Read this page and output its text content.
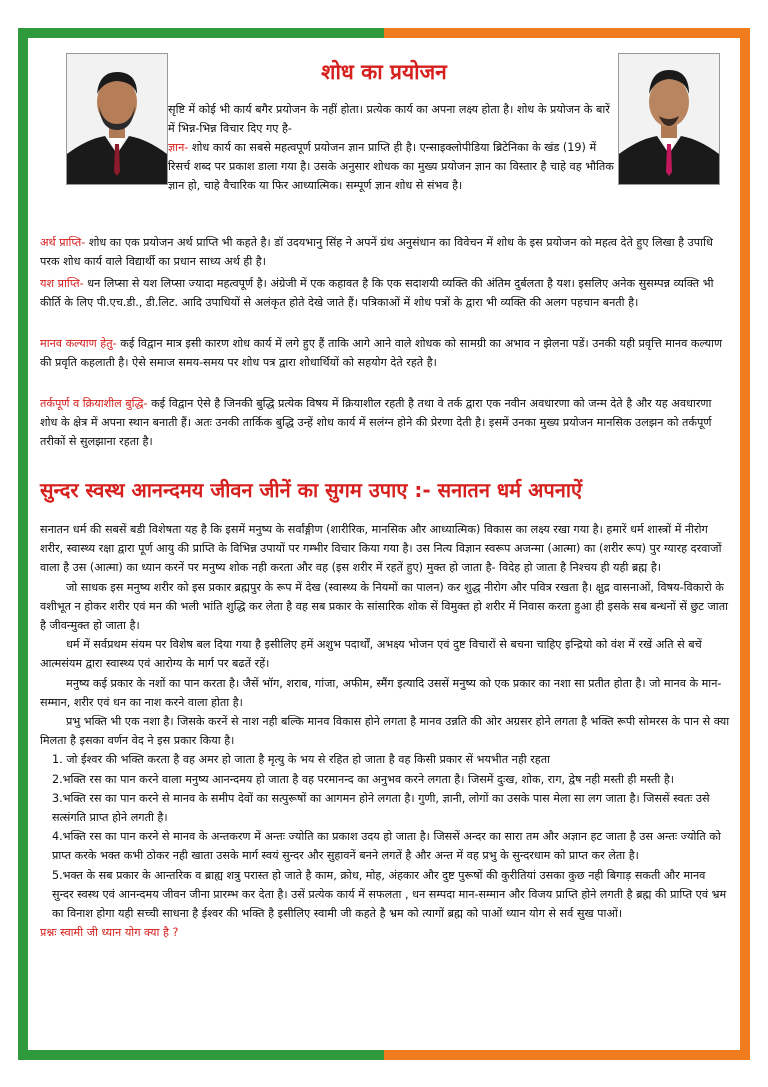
शोध का प्रयोजन
सृष्टि में कोई भी कार्य बगैर प्रयोजन के नहीं होता। प्रत्येक कार्य का अपना लक्ष्य होता है। शोध के प्रयोजन के बारें में भिन्न-भिन्न विचार दिए गए है-
ज्ञान- शोध कार्य का सबसे महत्वपूर्ण प्रयोजन ज्ञान प्राप्ति ही है। एन्साइक्लोपीडिया ब्रिटेनिका के खंड (19) में रिसर्च शब्द पर प्रकाश डाला गया है। उसके अनुसार शोधक का मुख्य प्रयोजन ज्ञान का विस्तार है चाहे वह भौतिक ज्ञान हो, चाहे वैचारिक या फिर आध्यात्मिक। सम्पूर्ण ज्ञान शोध से संभव है।
अर्थ प्राप्ति- शोध का एक प्रयोजन अर्थ प्राप्ति भी कहते है। डॉ उदयभानु सिंह ने अपनें ग्रंथ अनुसंधान का विवेचन में शोध के इस प्रयोजन को महत्व देते हुए लिखा है उपाधि परक शोध कार्य वाले विद्यार्थी का प्रधान साध्य अर्थ ही है।
यश प्राप्ति- धन लिप्सा से यश लिप्सा ज्यादा महत्वपूर्ण है। अंग्रेजी में एक कहावत है कि एक सदाशयी व्यक्ति की अंतिम दुर्बलता है यश। इसलिए अनेक सुसम्पन्न व्यक्ति भी कीर्ति के लिए पी.एच.डी., डी.लिट. आदि उपाधियों से अलंकृत होते देखे जाते हैं। पत्रिकाओं में शोध पत्रों के द्वारा भी व्यक्ति की अलग पहचान बनती है।
मानव कल्याण हेतु- कई विद्वान मात्र इसी कारण शोध कार्य में लगे हुए हैं ताकि आगे आने वाले शोधक को सामग्री का अभाव न झेलना पडें। उनकी यही प्रवृत्ति मानव कल्याण की प्रवृति कहलाती है। ऐसे समाज समय-समय पर शोध पत्र द्वारा शोधार्थियों को सहयोग देते रहते है।
तर्कपूर्ण व क्रियाशील बुद्धि- कई विद्वान ऐसे है जिनकी बुद्धि प्रत्येक विषय में क्रियाशील रहती है तथा वे तर्क द्वारा एक नवीन अवधारणा को जन्म देते है और यह अवधारणा शोध के क्षेत्र में अपना स्थान बनाती हैं। अतः उनकी तार्किक बुद्धि उन्हें शोध कार्य में सलंग्न होने की प्रेरणा देती है। इसमें उनका मुख्य प्रयोजन मानसिक उलझन को तर्कपूर्ण तरीकों से सुलझाना रहता है।
सुन्दर स्वस्थ आनन्दमय जीवन जीनें का सुगम उपाए :- सनातन धर्म अपनाऐं

सनातन धर्म की सबसें बडी विशेषता यह है कि इसमें मनुष्य के सर्वांङ्गीण (शारीरिक, मानसिक और आध्यात्मिक) विकास का लक्ष्य रखा गया है। हमारें धर्म शास्त्रों में नीरोग शरीर, स्वास्थ्य रक्षा द्वारा पूर्ण आयु की प्राप्ति के विभिन्न उपायों पर गम्भीर विचार किया गया है। उस नित्य विज्ञान स्वरूप अजन्मा (आत्मा) का (शरीर रूप) पुर ग्यारह दरवाजों वाला है उस (आत्मा) का ध्यान करनें पर मनुष्य शोक नही करता और वह (इस शरीर में रहतें हुए) मुक्त हो जाता है- विदेह हो जाता है निश्चय ही यही ब्रह्म है।

जो साधक इस मनुष्य शरीर को इस प्रकार ब्रह्मपुर के रूप में देख (स्वास्थ्य के नियमों का पालन) कर शुद्ध नीरोग और पवित्र रखता है। क्षुद्र वासनाओं, विषय-विकारो के वशीभूत न होकर शरीर एवं मन की भली भांति शुद्धि कर लेता है वह सब प्रकार के सांसारिक शोक सें विमुक्त हो शरीर में निवास करता हुआ ही इसके सब बन्धनों सें छुट जाता है जीवन्मुक्त हो जाता है।

धर्म में सर्वप्रथम संयम पर विशेष बल दिया गया है इसीलिए हमें अशुभ पदार्थों, अभक्ष्य भोजन एवं दुष्ट विचारों से बचना चाहिए इन्द्रियो को वंश में रखें अति से बचें आत्मसंयम द्वारा स्वास्थ्य एवं आरोग्य के मार्ग पर बढतें रहें।

मनुष्य कई प्रकार के नशों का पान करता है। जैसें भॉग, शराब, गांजा, अफीम, स्मैंग इत्यादि उससें मनुष्य को एक प्रकार का नशा सा प्रतीत होता है। जो मानव के मान-सम्मान, शरीर एवं धन का नाश करने वाला होता है।

प्रभु भक्ति भी एक नशा है। जिसके करनें से नाश नही बल्कि मानव विकास होने लगता है मानव उन्नति की ओर अग्रसर होने लगता है भक्ति रूपी सोमरस के पान से क्या मिलता है इसका वर्णन वेद ने इस प्रकार किया है।

1. जो ईश्वर की भक्ति करता है वह अमर हो जाता है मृत्यु के भय से रहित हो जाता है वह किसी प्रकार सें भयभीत नही रहता

2.भक्ति रस का पान करने वाला मनुष्य आनन्दमय हो जाता है वह परमानन्द का अनुभव करने लगता है। जिसमें दुःख, शोक, राग, द्वेष नही मस्ती ही मस्ती है।

3.भक्ति रस का पान करने से मानव के समीप देवों का सत्पुरूषों का आगमन होने लगता है। गुणी, ज्ञानी, लोगों का उसके पास मेला सा लग जाता है। जिससें स्वतः उसे सत्संगति प्राप्त होने लगती है।

4.भक्ति रस का पान करने से मानव के अन्तकरण में अन्तः ज्योति का प्रकाश उदय हो जाता है। जिससें अन्दर का सारा तम और अज्ञान हट जाता है उस अन्तः ज्योति को प्राप्त करके भक्त कभी ठोकर नही खाता उसके मार्ग स्वयं सुन्दर और सुहावनें बनने लगतें है और अन्त में वह प्रभु के सुन्दरधाम को प्राप्त कर लेता है।

5.भक्त के सब प्रकार के आन्तरिक व ब्राह्य शत्रु परास्त हो जाते है काम, क्रोध, मोह, अंहकार और दुष्ट पुरूषों की कुरीतियां उसका कुछ नही बिगाड़ सकती और मानव सुन्दर स्वस्थ एवं आनन्दमय जीवन जीना प्रारम्भ कर देता है। उसें प्रत्येक कार्य में सफलता , धन सम्पदा मान-सम्मान और विजय प्राप्ति होने लगती है ब्रह्म की प्राप्ति एवं भ्रम का विनाश होगा यही सच्ची साधना है ईश्वर की भक्ति है इसीलिए स्वामी जी कहते है भ्रम को त्यागों ब्रह्म को पाओं ध्यान योग से सर्व सुख पाओं।

प्रश्नः स्वामी जी ध्यान योग क्या है ?
